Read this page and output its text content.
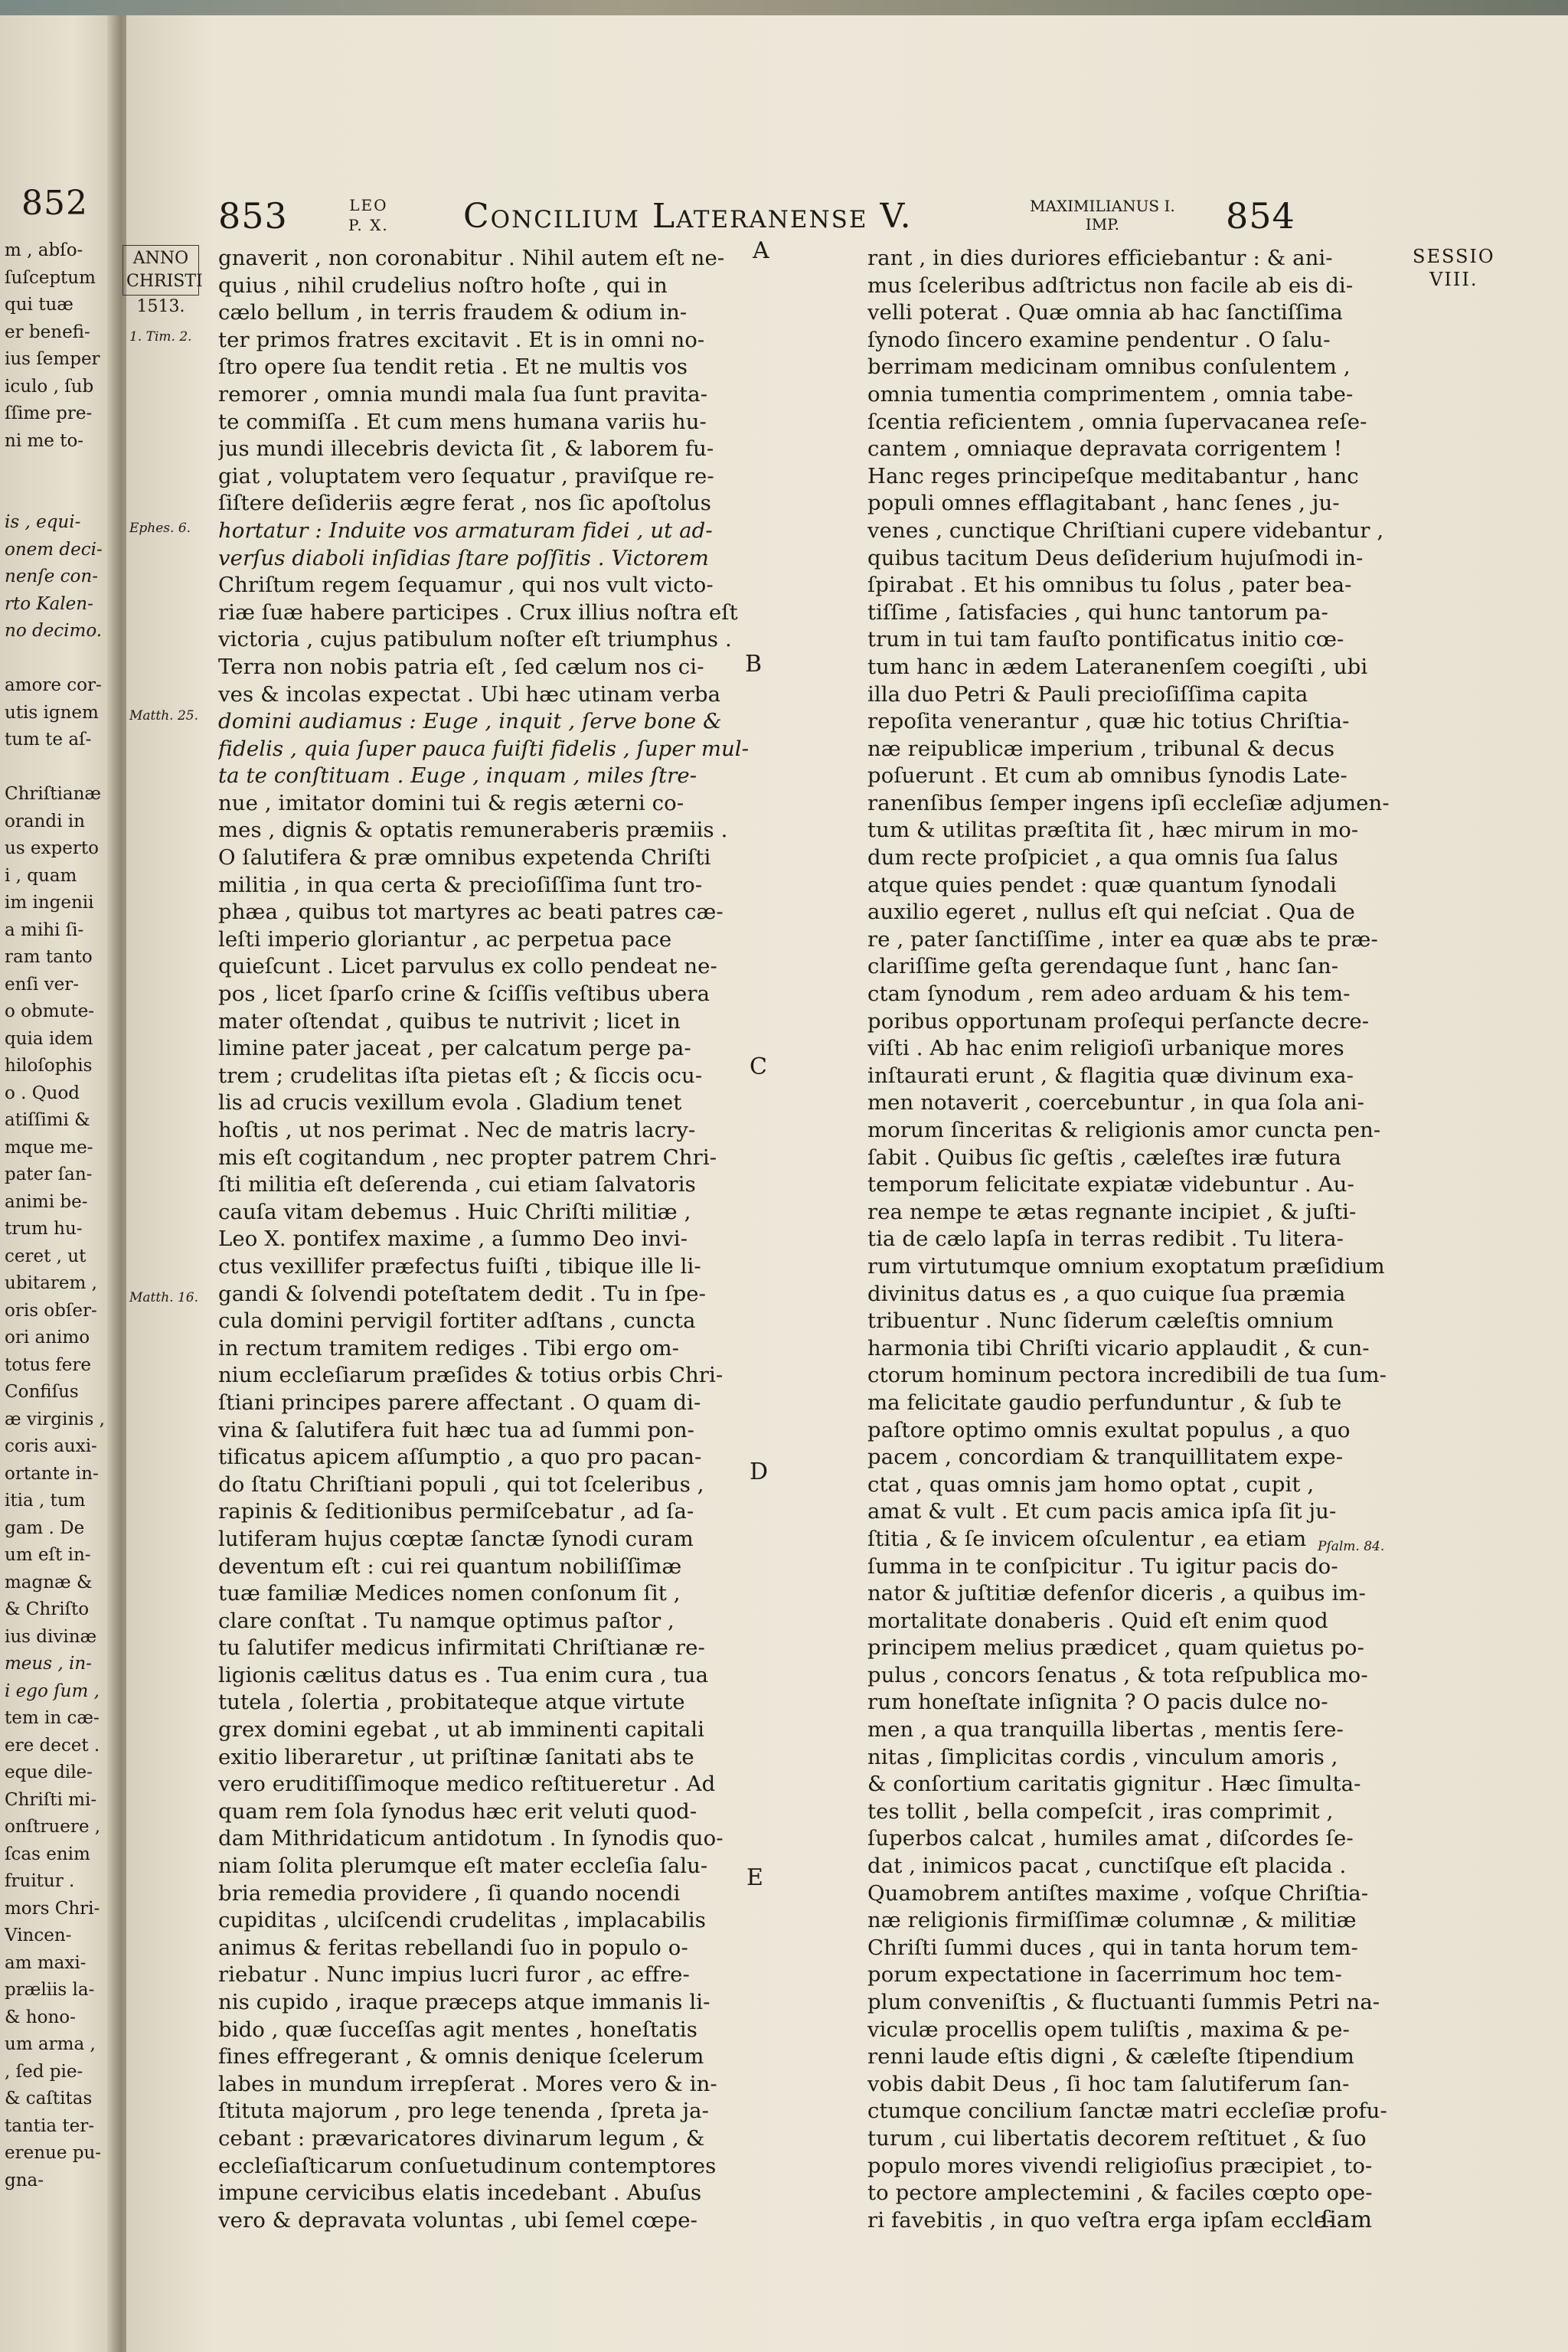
852
m , abſo-
ſuſceptum
qui tuæ
er benefi-
ius ſemper
iculo , ſub
ſſime pre-
ni me to-
is , equi-
onem deci-
nenſe con-
rto Kalen-
no decimo.
amore cor-
utis ignem
tum te aſ-
Chriſtianæ
orandi in
us experto
i , quam
im ingenii
a mihi ſi-
ram tanto
enſi ver-
o obmute-
quia idem
hiloſophis
o . Quod
atiſſimi &
mque me-
pater ſan-
animi be-
trum hu-
ceret , ut
ubitarem ,
oris obſer-
ori animo
totus fere
Confiſus
æ virginis ,
coris auxi-
ortante in-
itia , tum
gam . De
um eſt in-
magnæ &
& Chriſto
ius divinæ
meus , in-
i ego ſum ,
tem in cæ-
ere decet .
eque dile-
Chriſti mi-
onſtruere ,
ſcas enim
fruitur .
mors Chri-
Vincen-
am maxi-
præliis la-
& hono-
um arma ,
, ſed pie-
& caſtitas
tantia ter-
erenue pu-
gna-
853	LEO
P. X. Concilium Lateranense V.	MAXIMILIANUS I.
IMP.	854
ANNO
CHRISTI
1513.
1. Tim. 2.
Ephes. 6.
Matth. 25.
Matth. 16.
Pſalm. 84.
SESSIO
VIII.
A
B
C
D
E
gnaverit , non coronabitur . Nihil autem eſt ne-
quius , nihil crudelius noſtro hoſte , qui in
cælo bellum , in terris fraudem & odium in-
ter primos fratres excitavit . Et is in omni no-
ſtro opere ſua tendit retia . Et ne multis vos
remorer , omnia mundi mala ſua ſunt pravita-
te commiſſa . Et cum mens humana variis hu-
jus mundi illecebris devicta ſit , & laborem fu-
giat , voluptatem vero ſequatur , praviſque re-
ſiſtere deſideriis ægre ferat , nos ſic apoſtolus
hortatur : Induite vos armaturam fidei , ut ad-
verſus diaboli inſidias ſtare poſſitis . Victorem
Chriſtum regem ſequamur , qui nos vult victo-
riæ ſuæ habere participes . Crux illius noſtra eſt
victoria , cujus patibulum noſter eſt triumphus .
Terra non nobis patria eſt , ſed cælum nos ci-
ves & incolas expectat . Ubi hæc utinam verba
domini audiamus : Euge , inquit , ſerve bone &
fidelis , quia ſuper pauca fuiſti fidelis , ſuper mul-
ta te conſtituam . Euge , inquam , miles ſtre-
nue , imitator domini tui & regis æterni co-
mes , dignis & optatis remuneraberis præmiis .
O ſalutifera & præ omnibus expetenda Chriſti
militia , in qua certa & precioſiſſima ſunt tro-
phæa , quibus tot martyres ac beati patres cæ-
leſti imperio gloriantur , ac perpetua pace
quieſcunt . Licet parvulus ex collo pendeat ne-
pos , licet ſparſo crine & ſciſſis veſtibus ubera
mater oſtendat , quibus te nutrivit ; licet in
limine pater jaceat , per calcatum perge pa-
trem ; crudelitas iſta pietas eſt ; & ſiccis ocu-
lis ad crucis vexillum evola . Gladium tenet
hoſtis , ut nos perimat . Nec de matris lacry-
mis eſt cogitandum , nec propter patrem Chri-
ſti militia eſt deſerenda , cui etiam ſalvatoris
cauſa vitam debemus . Huic Chriſti militiæ ,
Leo X. pontifex maxime , a ſummo Deo invi-
ctus vexillifer præfectus fuiſti , tibique ille li-
gandi & ſolvendi poteſtatem dedit . Tu in ſpe-
cula domini pervigil fortiter adſtans , cuncta
in rectum tramitem rediges . Tibi ergo om-
nium eccleſiarum præſides & totius orbis Chri-
ſtiani principes parere affectant . O quam di-
vina & ſalutifera fuit hæc tua ad ſummi pon-
tificatus apicem aſſumptio , a quo pro pacan-
do ſtatu Chriſtiani populi , qui tot ſceleribus ,
rapinis & ſeditionibus permiſcebatur , ad ſa-
lutiferam hujus cœptæ ſanctæ ſynodi curam
deventum eſt : cui rei quantum nobiliſſimæ
tuæ familiæ Medices nomen conſonum ſit ,
clare conſtat . Tu namque optimus paſtor ,
tu ſalutifer medicus infirmitati Chriſtianæ re-
ligionis cælitus datus es . Tua enim cura , tua
tutela , ſolertia , probitateque atque virtute
grex domini egebat , ut ab imminenti capitali
exitio liberaretur , ut priſtinæ ſanitati abs te
vero eruditiſſimoque medico reſtitueretur . Ad
quam rem ſola ſynodus hæc erit veluti quod-
dam Mithridaticum antidotum . In ſynodis quo-
niam ſolita plerumque eſt mater eccleſia ſalu-
bria remedia providere , ſi quando nocendi
cupiditas , ulciſcendi crudelitas , implacabilis
animus & feritas rebellandi ſuo in populo o-
riebatur . Nunc impius lucri furor , ac effre-
nis cupido , iraque præceps atque immanis li-
bido , quæ ſucceſſas agit mentes , honeſtatis
fines effregerant , & omnis denique ſcelerum
labes in mundum irrepſerat . Mores vero & in-
ſtituta majorum , pro lege tenenda , ſpreta ja-
cebant : prævaricatores divinarum legum , &
eccleſiaſticarum conſuetudinum contemptores
impune cervicibus elatis incedebant . Abuſus
vero & depravata voluntas , ubi ſemel cœpe-
rant , in dies duriores efficiebantur : & ani-
mus ſceleribus adſtrictus non facile ab eis di-
velli poterat . Quæ omnia ab hac ſanctiſſima
ſynodo ſincero examine pendentur . O ſalu-
berrimam medicinam omnibus conſulentem ,
omnia tumentia comprimentem , omnia tabe-
ſcentia reficientem , omnia ſupervacanea reſe-
cantem , omniaque depravata corrigentem !
Hanc reges principeſque meditabantur , hanc
populi omnes efflagitabant , hanc ſenes , ju-
venes , cunctique Chriſtiani cupere videbantur ,
quibus tacitum Deus deſiderium hujuſmodi in-
ſpirabat . Et his omnibus tu ſolus , pater bea-
tiſſime , ſatisfacies , qui hunc tantorum pa-
trum in tui tam fauſto pontificatus initio cœ-
tum hanc in ædem Lateranenſem coegiſti , ubi
illa duo Petri & Pauli precioſiſſima capita
repoſita venerantur , quæ hic totius Chriſtia-
næ reipublicæ imperium , tribunal & decus
poſuerunt . Et cum ab omnibus ſynodis Late-
ranenſibus ſemper ingens ipſi eccleſiæ adjumen-
tum & utilitas præſtita ſit , hæc mirum in mo-
dum recte proſpiciet , a qua omnis ſua ſalus
atque quies pendet : quæ quantum ſynodali
auxilio egeret , nullus eſt qui neſciat . Qua de
re , pater ſanctiſſime , inter ea quæ abs te præ-
clariſſime geſta gerendaque ſunt , hanc ſan-
ctam ſynodum , rem adeo arduam & his tem-
poribus opportunam proſequi perſancte decre-
viſti . Ab hac enim religioſi urbanique mores
inſtaurati erunt , & flagitia quæ divinum exa-
men notaverit , coercebuntur , in qua ſola ani-
morum ſinceritas & religionis amor cuncta pen-
ſabit . Quibus ſic geſtis , cæleſtes iræ futura
temporum felicitate expiatæ videbuntur . Au-
rea nempe te ætas regnante incipiet , & juſti-
tia de cælo lapſa in terras redibit . Tu litera-
rum virtutumque omnium exoptatum præſidium
divinitus datus es , a quo cuique ſua præmia
tribuentur . Nunc ſiderum cæleſtis omnium
harmonia tibi Chriſti vicario applaudit , & cun-
ctorum hominum pectora incredibili de tua ſum-
ma felicitate gaudio perfunduntur , & ſub te
paſtore optimo omnis exultat populus , a quo
pacem , concordiam & tranquillitatem expe-
ctat , quas omnis jam homo optat , cupit ,
amat & vult . Et cum pacis amica ipſa ſit ju-
ſtitia , & ſe invicem oſculentur , ea etiam
ſumma in te conſpicitur . Tu igitur pacis do-
nator & juſtitiæ defenſor diceris , a quibus im-
mortalitate donaberis . Quid eſt enim quod
principem melius prædicet , quam quietus po-
pulus , concors ſenatus , & tota reſpublica mo-
rum honeſtate inſignita ? O pacis dulce no-
men , a qua tranquilla libertas , mentis ſere-
nitas , ſimplicitas cordis , vinculum amoris ,
& conſortium caritatis gignitur . Hæc ſimulta-
tes tollit , bella compeſcit , iras comprimit ,
ſuperbos calcat , humiles amat , diſcordes ſe-
dat , inimicos pacat , cunctiſque eſt placida .
Quamobrem antiſtes maxime , voſque Chriſtia-
næ religionis firmiſſimæ columnæ , & militiæ
Chriſti ſummi duces , qui in tanta horum tem-
porum expectatione in ſacerrimum hoc tem-
plum conveniſtis , & fluctuanti ſummis Petri na-
viculæ procellis opem tuliſtis , maxima & pe-
renni laude eſtis digni , & cæleſte ſtipendium
vobis dabit Deus , ſi hoc tam ſalutiferum ſan-
ctumque concilium ſanctæ matri eccleſiæ profu-
turum , cui libertatis decorem reſtituet , & ſuo
populo mores vivendi religioſius præcipiet , to-
to pectore amplectemini , & faciles cœpto ope-
ri favebitis , in quo veſtra erga ipſam eccle-
ſiam
